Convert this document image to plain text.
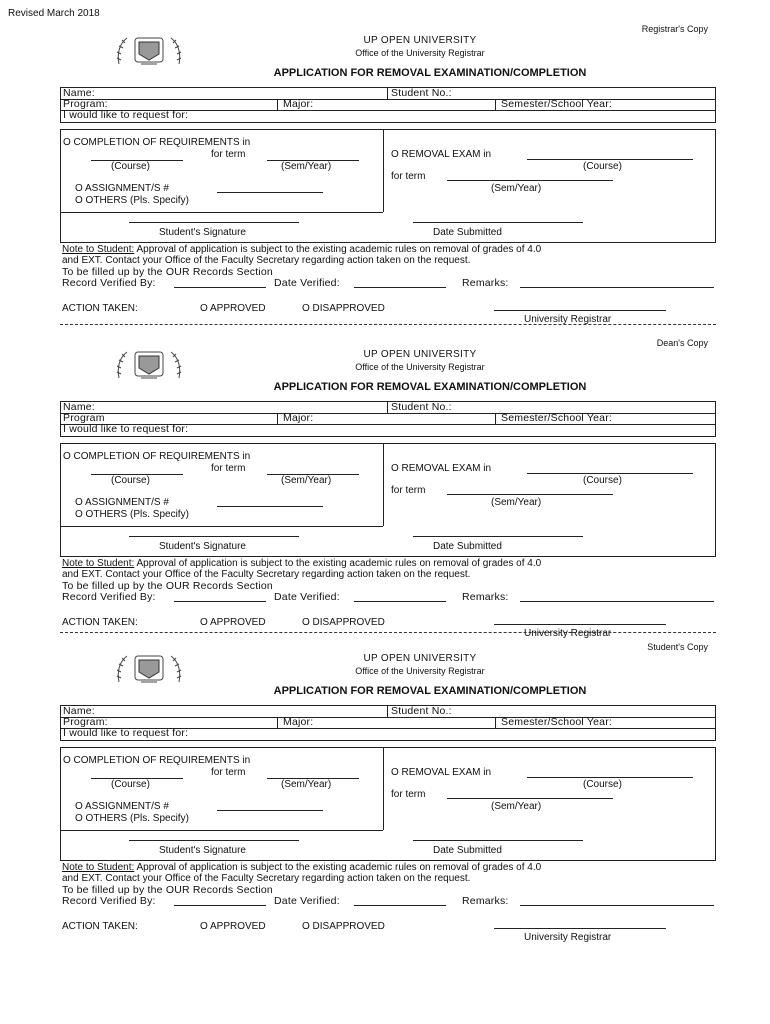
Revised March 2018
Registrar's Copy
UP OPEN UNIVERSITY
Office of the University Registrar
APPLICATION FOR REMOVAL EXAMINATION/COMPLETION
Name:	Student No.:
Program:	Major:	Semester/School Year:
I would like to request for:
O COMPLETION OF REQUIREMENTS in
for term
(Course)	(Sem/Year)
O ASSIGNMENT/S #
O OTHERS (Pls. Specify)
O REMOVAL EXAM in
(Course)
for term
(Sem/Year)
Student's Signature	Date Submitted
Note to Student: Approval of application is subject to the existing academic rules on removal of grades of 4.0
and EXT. Contact your Office of the Faculty Secretary regarding action taken on the request.
To be filled up by the OUR Records Section
Record Verified By:	Date Verified:	Remarks:
ACTION TAKEN:	O APPROVED	O DISAPPROVED
University Registrar
Dean's Copy
UP OPEN UNIVERSITY
Office of the University Registrar
APPLICATION FOR REMOVAL EXAMINATION/COMPLETION
Name:	Student No.:
Program	Major:	Semester/School Year:
I would like to request for:
O COMPLETION OF REQUIREMENTS in
for term
(Course)	(Sem/Year)
O ASSIGNMENT/S #
O OTHERS (Pls. Specify)
O REMOVAL EXAM in
(Course)
for term
(Sem/Year)
Student's Signature	Date Submitted
Note to Student: Approval of application is subject to the existing academic rules on removal of grades of 4.0
and EXT. Contact your Office of the Faculty Secretary regarding action taken on the request.
To be filled up by the OUR Records Section
Record Verified By:	Date Verified:	Remarks:
ACTION TAKEN:	O APPROVED	O DISAPPROVED
University Registrar
Student's Copy
UP OPEN UNIVERSITY
Office of the University Registrar
APPLICATION FOR REMOVAL EXAMINATION/COMPLETION
Name:	Student No.:
Program:	Major:	Semester/School Year:
I would like to request for:
O COMPLETION OF REQUIREMENTS in
for term
(Course)	(Sem/Year)
O ASSIGNMENT/S #
O OTHERS (Pls. Specify)
O REMOVAL EXAM in
(Course)
for term
(Sem/Year)
Student's Signature	Date Submitted
Note to Student: Approval of application is subject to the existing academic rules on removal of grades of 4.0
and EXT. Contact your Office of the Faculty Secretary regarding action taken on the request.
To be filled up by the OUR Records Section
Record Verified By:	Date Verified:	Remarks:
ACTION TAKEN:	O APPROVED	O DISAPPROVED
University Registrar
